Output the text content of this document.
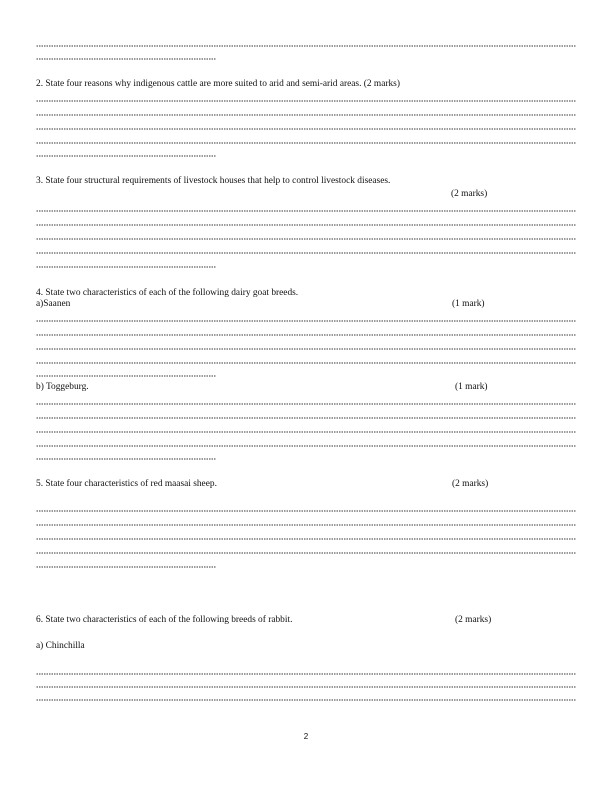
2. State four reasons why indigenous cattle are more suited to arid and semi-arid areas. (2 marks)
3. State four structural requirements of livestock houses that help to control livestock diseases.
(2 marks)
4. State two characteristics of each of the following dairy goat breeds.
a)Saanen	(1 mark)
b) Toggeburg.	(1 mark)
5. State four characteristics of red maasai sheep.	(2 marks)
6. State two characteristics of each of the following breeds of rabbit.	(2 marks)
a) Chinchilla
2
